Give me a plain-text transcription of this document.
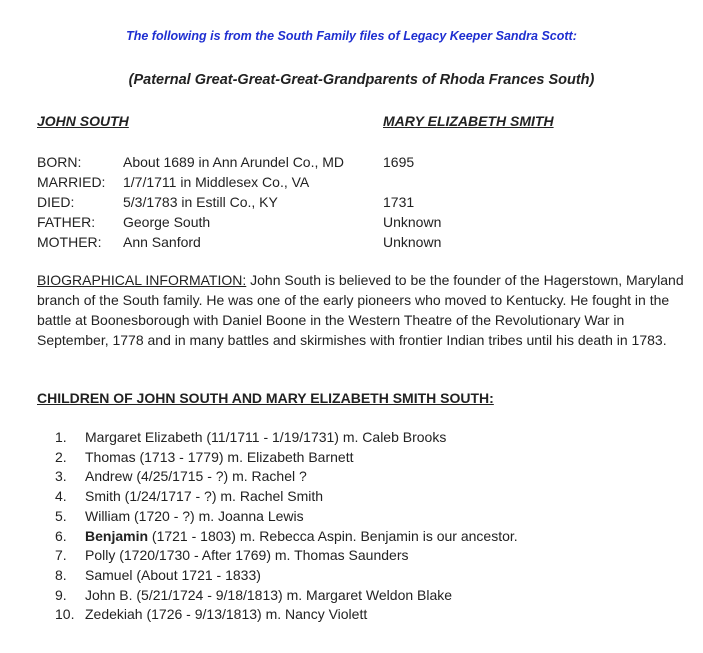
The following is from the South Family files of Legacy Keeper Sandra Scott:
(Paternal Great-Great-Great-Grandparents of Rhoda Frances South)
JOHN SOUTH	MARY ELIZABETH SMITH
BORN:	About 1689 in Ann Arundel Co., MD	1695
MARRIED:	1/7/1711 in Middlesex Co., VA
DIED:	5/3/1783 in Estill Co., KY	1731
FATHER:	George South	Unknown
MOTHER:	Ann Sanford	Unknown
BIOGRAPHICAL INFORMATION: John South is believed to be the founder of the Hagerstown, Maryland branch of the South family. He was one of the early pioneers who moved to Kentucky. He fought in the battle at Boonesborough with Daniel Boone in the Western Theatre of the Revolutionary War in September, 1778 and in many battles and skirmishes with frontier Indian tribes until his death in 1783.
CHILDREN OF JOHN SOUTH AND MARY ELIZABETH SMITH SOUTH:
1.	Margaret Elizabeth (11/1711 - 1/19/1731) m. Caleb Brooks
2.	Thomas (1713 - 1779) m. Elizabeth Barnett
3.	Andrew (4/25/1715 - ?) m. Rachel ?
4.	Smith (1/24/1717 - ?) m. Rachel Smith
5.	William (1720 - ?) m. Joanna Lewis
6.	Benjamin (1721 - 1803) m. Rebecca Aspin. Benjamin is our ancestor.
7.	Polly (1720/1730 - After 1769) m. Thomas Saunders
8.	Samuel (About 1721 - 1833)
9.	John B. (5/21/1724 - 9/18/1813) m. Margaret Weldon Blake
10. Zedekiah (1726 - 9/13/1813) m. Nancy Violett
